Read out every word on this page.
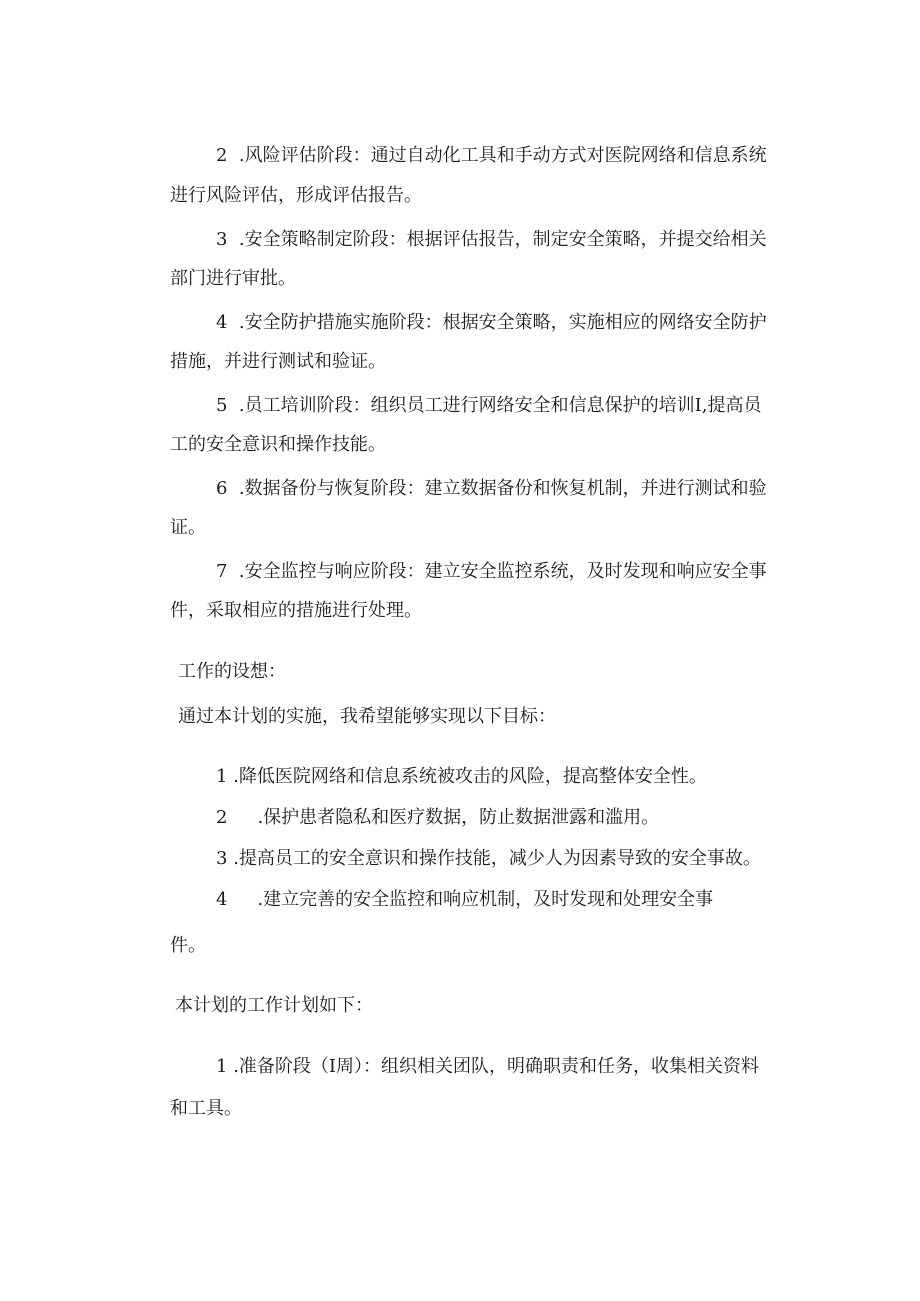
2 .风险评估阶段：通过自动化工具和手动方式对医院网络和信息系统
进行风险评估，形成评估报告。
3 .安全策略制定阶段：根据评估报告，制定安全策略，并提交给相关
部门进行审批。
4 .安全防护措施实施阶段：根据安全策略，实施相应的网络安全防护
措施，并进行测试和验证。
5 .员工培训阶段：组织员工进行网络安全和信息保护的培训I,提高员
工的安全意识和操作技能。
6 .数据备份与恢复阶段：建立数据备份和恢复机制，并进行测试和验
证。
7 .安全监控与响应阶段：建立安全监控系统，及时发现和响应安全事
件，采取相应的措施进行处理。
工作的设想：
通过本计划的实施，我希望能够实现以下目标：
1 .降低医院网络和信息系统被攻击的风险，提高整体安全性。
2 .保护患者隐私和医疗数据，防止数据泄露和滥用。
3 .提高员工的安全意识和操作技能，减少人为因素导致的安全事故。
4 .建立完善的安全监控和响应机制，及时发现和处理安全事
件。
本计划的工作计划如下：
1 .准备阶段（I周）：组织相关团队，明确职责和任务，收集相关资料
和工具。
